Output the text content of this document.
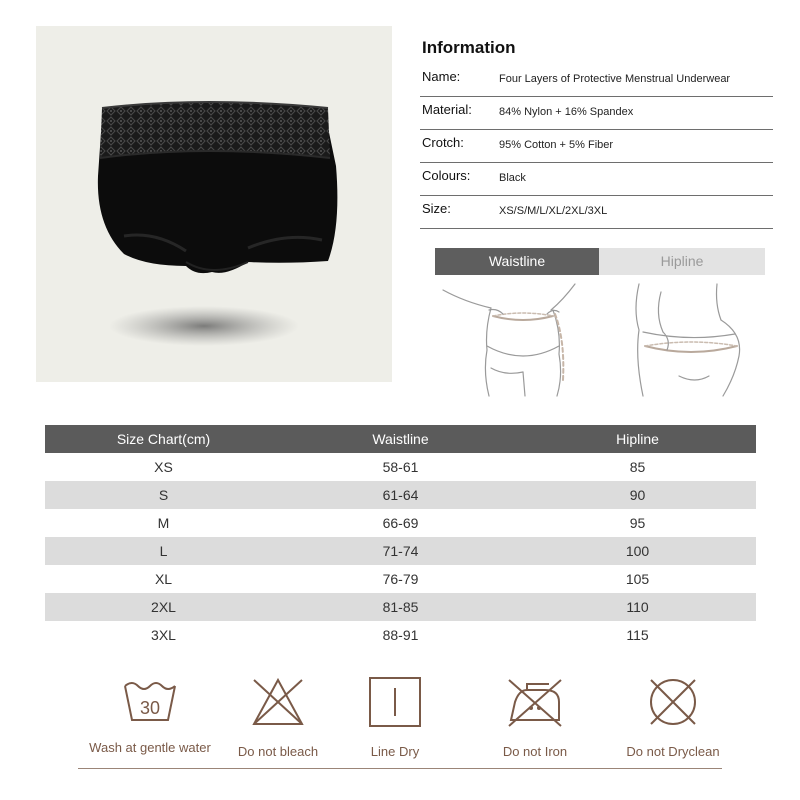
Information
Name:	Four Layers of Protective Menstrual Underwear
Material: 84% Nylon + 16% Spandex
Crotch:	95% Cotton + 5% Fiber
Colours:	Black
Size:	XS/S/M/L/XL/2XL/3XL
Waistline	Hipline
Size Chart(cm)	Waistline	Hipline
XS	58-61	85
S	61-64	90
M	66-69	95
L	71-74	100
XL	76-79	105
2XL	81-85	110
3XL	88-91	115
30
Wash at gentle water	Do not bleach	Line Dry	Do not Iron	Do not Dryclean
